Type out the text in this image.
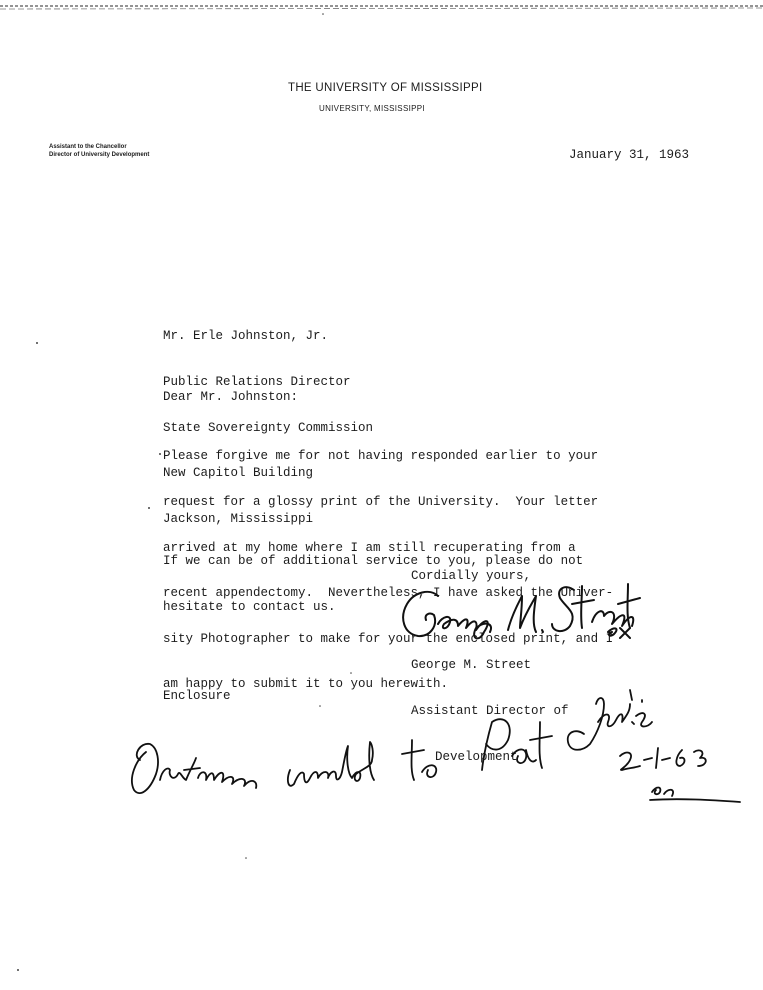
THE UNIVERSITY OF MISSISSIPPI
UNIVERSITY, MISSISSIPPI
Assistant to the Chancellor
Director of University Development	January 31, 1963

Mr. Erle Johnston, Jr.

Public Relations Director

State Sovereignty Commission

New Capitol Building

Jackson, Mississippi

Dear Mr. Johnston:

Please forgive me for not having responded earlier to your

request for a glossy print of the University.  Your letter

arrived at my home where I am still recuperating from a

recent appendectomy.  Nevertheless, I have asked the Univer-

sity Photographer to make for your the enclosed print, and I

am happy to submit it to you herewith.

If we can be of additional service to you, please do not

hesitate to contact us.

Cordially yours,

George M. Street

Assistant Director of

Development

Enclosure
